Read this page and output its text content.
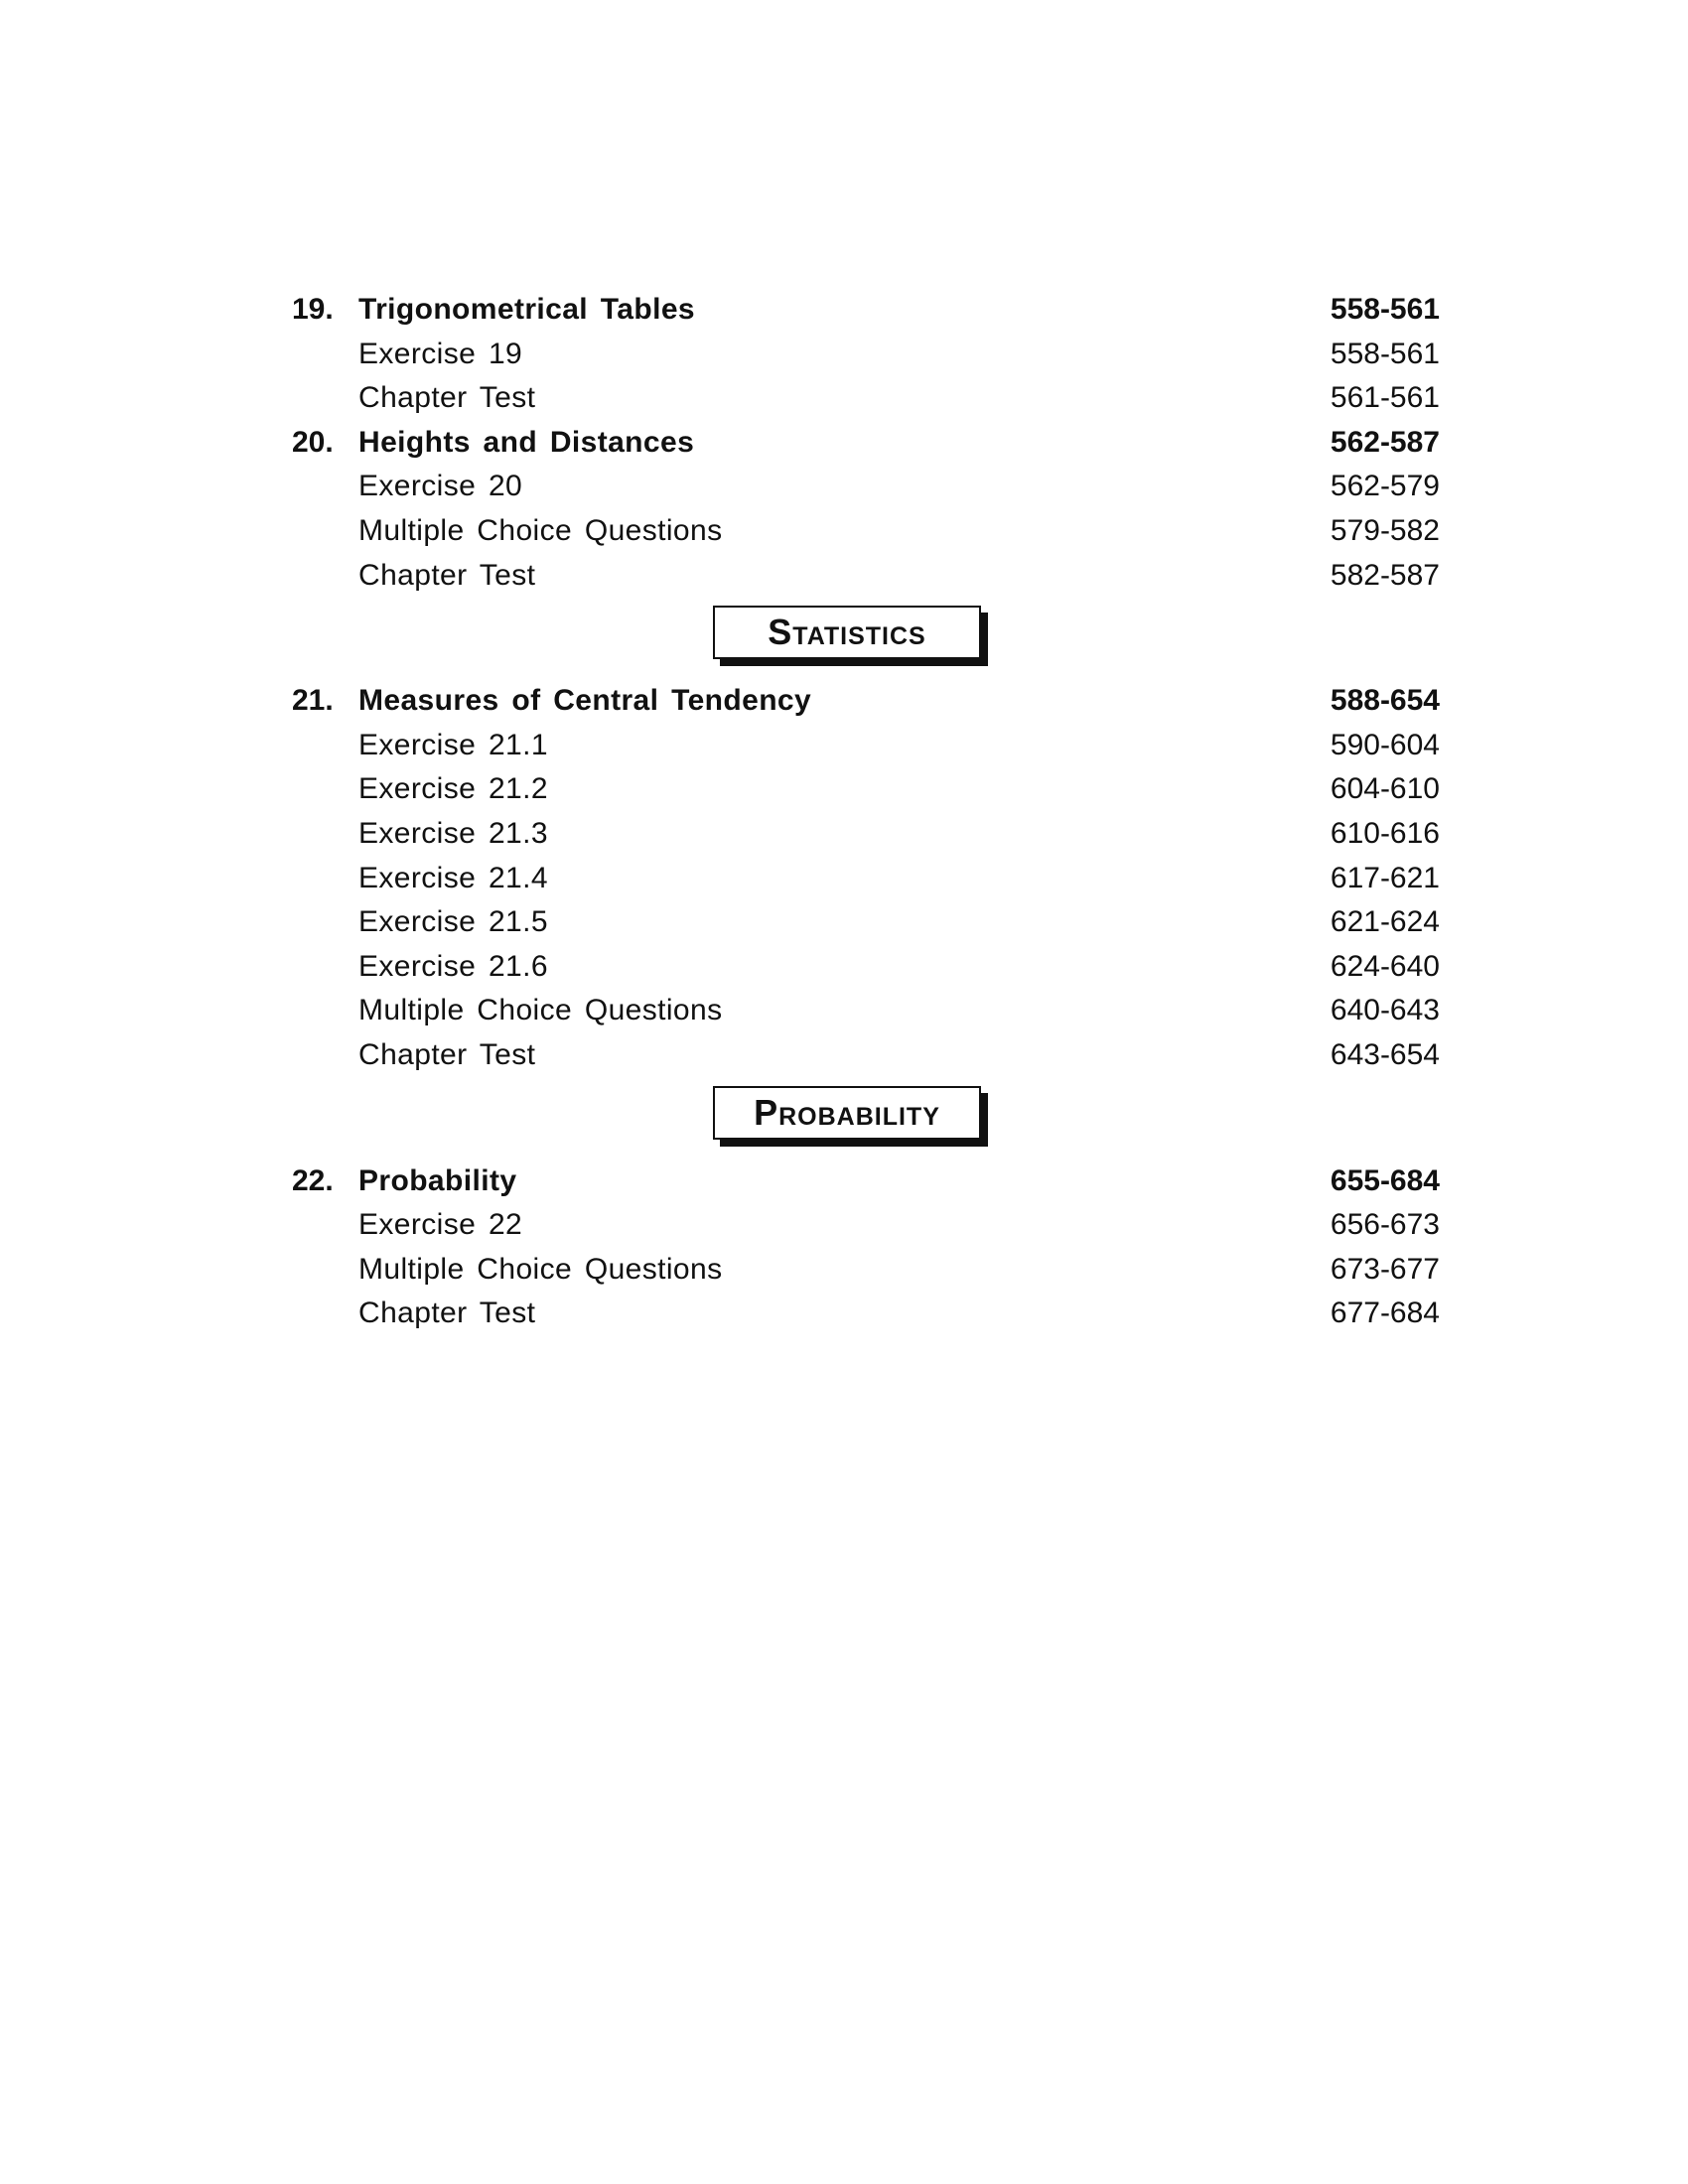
19. Trigonometrical Tables	558-561
Exercise 19	558-561
Chapter Test	561-561
20. Heights and Distances	562-587
Exercise 20	562-579
Multiple Choice Questions	579-582
Chapter Test	582-587
Statistics
21. Measures of Central Tendency	588-654
Exercise 21.1	590-604
Exercise 21.2	604-610
Exercise 21.3	610-616
Exercise 21.4	617-621
Exercise 21.5	621-624
Exercise 21.6	624-640
Multiple Choice Questions	640-643
Chapter Test	643-654
Probability
22. Probability	655-684
Exercise 22	656-673
Multiple Choice Questions	673-677
Chapter Test	677-684
